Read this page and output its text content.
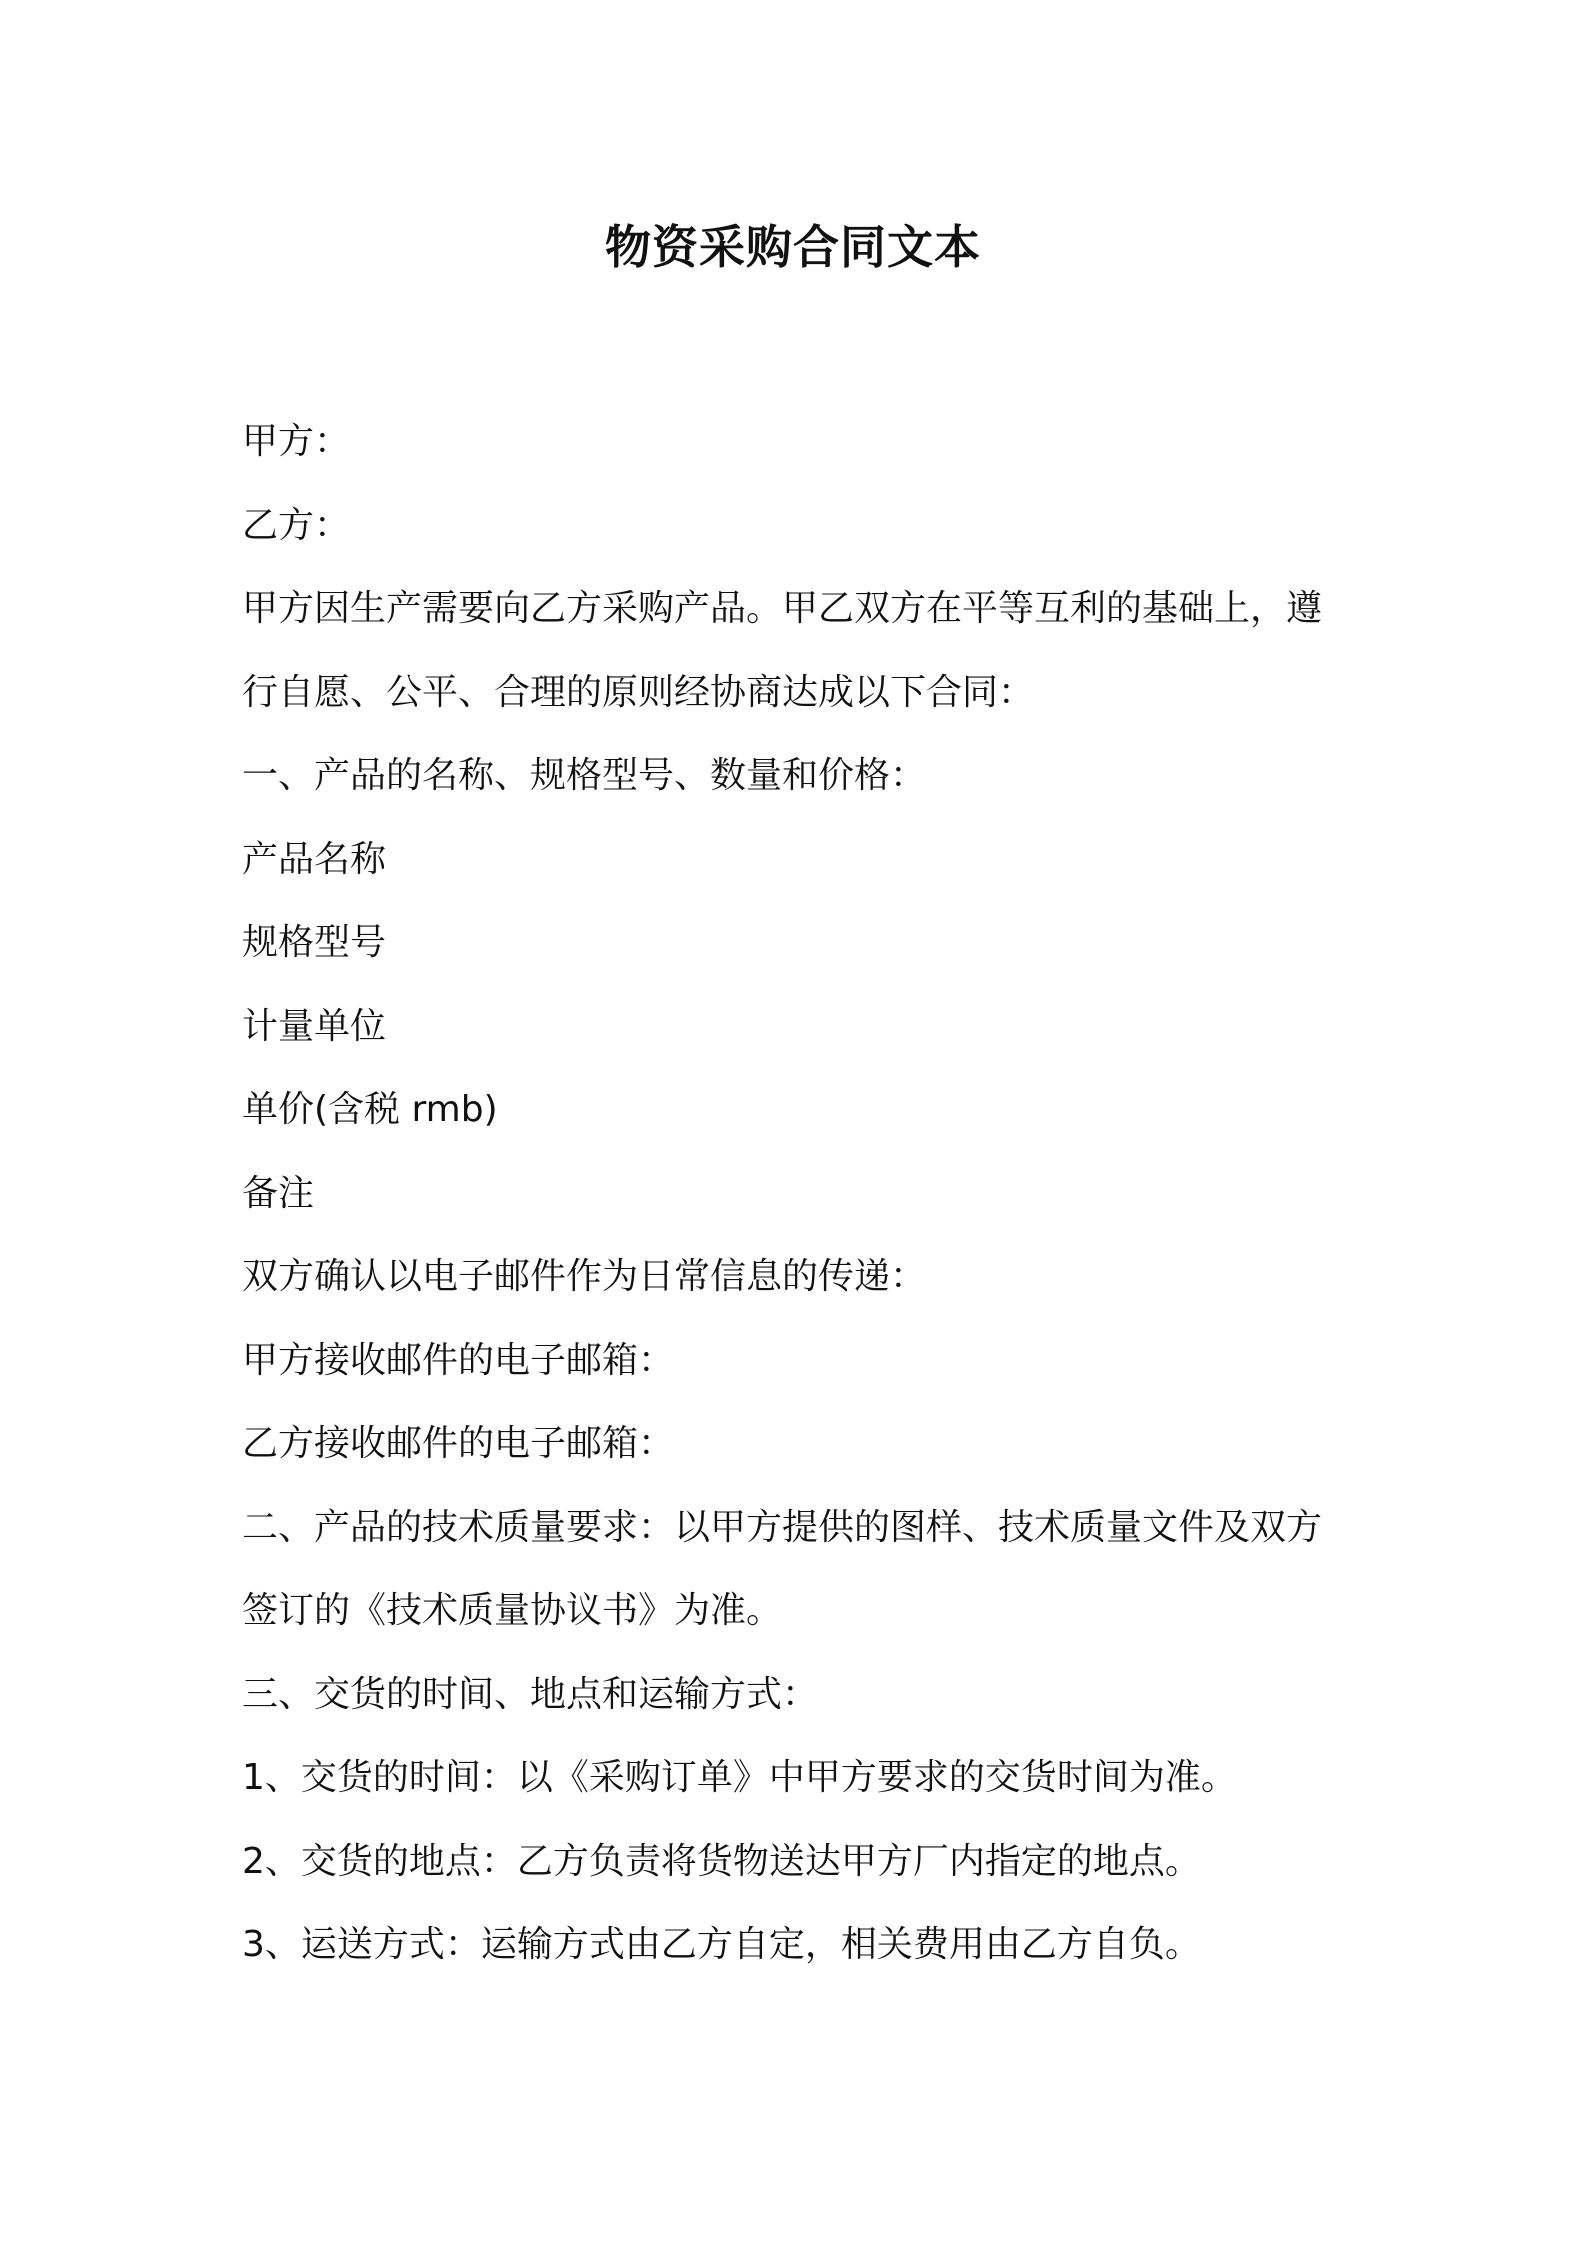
物资采购合同文本
甲方：
乙方：
甲方因生产需要向乙方采购产品。甲乙双方在平等互利的基础上，遵
行自愿、公平、合理的原则经协商达成以下合同：
一、产品的名称、规格型号、数量和价格：
产品名称
规格型号
计量单位
单价(含税 rmb)
备注
双方确认以电子邮件作为日常信息的传递：
甲方接收邮件的电子邮箱：
乙方接收邮件的电子邮箱：
二、产品的技术质量要求：以甲方提供的图样、技术质量文件及双方
签订的《技术质量协议书》为准。
三、交货的时间、地点和运输方式：
1、交货的时间：以《采购订单》中甲方要求的交货时间为准。
2、交货的地点：乙方负责将货物送达甲方厂内指定的地点。
3、运送方式：运输方式由乙方自定，相关费用由乙方自负。
